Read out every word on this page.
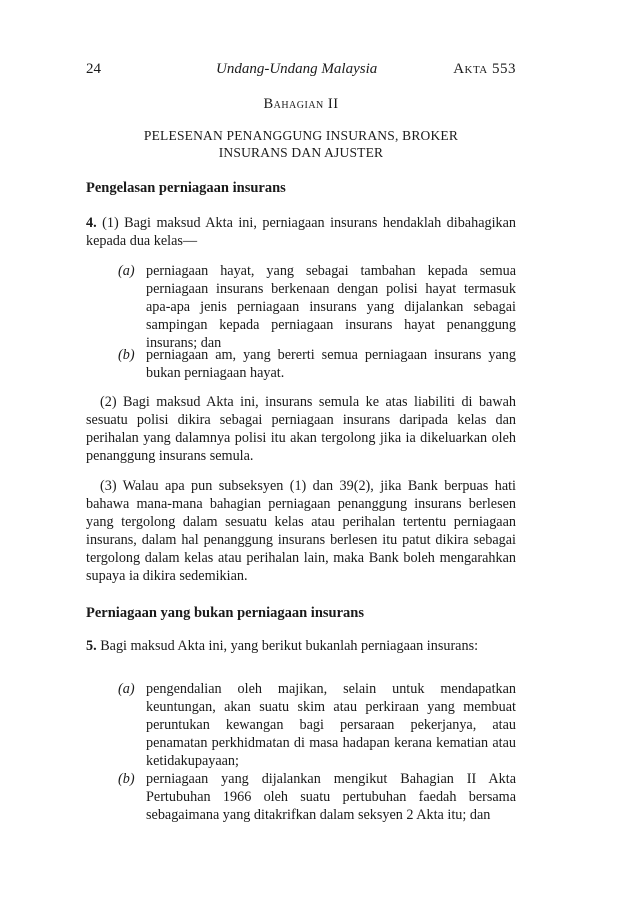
24	Undang-Undang Malaysia	Akta 553
Bahagian II
PELESENAN PENANGGUNG INSURANS, BROKER
INSURANS DAN AJUSTER
Pengelasan perniagaan insurans
4. (1) Bagi maksud Akta ini, perniagaan insurans hendaklah dibahagikan kepada dua kelas—
(a) perniagaan hayat, yang sebagai tambahan kepada semua perniagaan insurans berkenaan dengan polisi hayat termasuk apa-apa jenis perniagaan insurans yang dijalankan sebagai sampingan kepada perniagaan insurans hayat penanggung insurans; dan
(b) perniagaan am, yang bererti semua perniagaan insurans yang bukan perniagaan hayat.
(2) Bagi maksud Akta ini, insurans semula ke atas liabiliti di bawah sesuatu polisi dikira sebagai perniagaan insurans daripada kelas dan perihalan yang dalamnya polisi itu akan tergolong jika ia dikeluarkan oleh penanggung insurans semula.
(3) Walau apa pun subseksyen (1) dan 39(2), jika Bank berpuas hati bahawa mana-mana bahagian perniagaan penanggung insurans berlesen yang tergolong dalam sesuatu kelas atau perihalan tertentu perniagaan insurans, dalam hal penanggung insurans berlesen itu patut dikira sebagai tergolong dalam kelas atau perihalan lain, maka Bank boleh mengarahkan supaya ia dikira sedemikian.
Perniagaan yang bukan perniagaan insurans
5. Bagi maksud Akta ini, yang berikut bukanlah perniagaan insurans:
(a) pengendalian oleh majikan, selain untuk mendapatkan keuntungan, akan suatu skim atau perkiraan yang membuat peruntukan kewangan bagi persaraan pekerjanya, atau penamatan perkhidmatan di masa hadapan kerana kematian atau ketidakupayaan;
(b) perniagaan yang dijalankan mengikut Bahagian II Akta Pertubuhan 1966 oleh suatu pertubuhan faedah bersama sebagaimana yang ditakrifkan dalam seksyen 2 Akta itu; dan
